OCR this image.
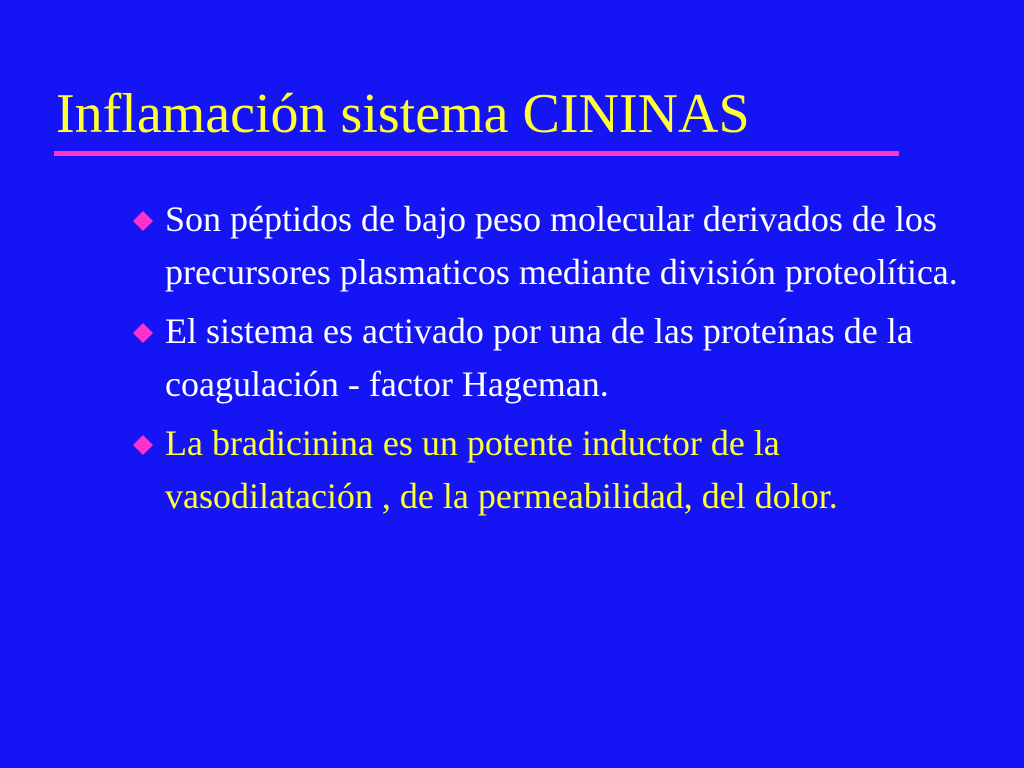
Inflamación sistema CININAS
Son péptidos de bajo peso molecular derivados de los precursores plasmaticos mediante división proteolítica.
El sistema es activado por una de las proteínas de la coagulación - factor Hageman.
La bradicinina es un potente inductor de la vasodilatación , de la permeabilidad, del dolor.
